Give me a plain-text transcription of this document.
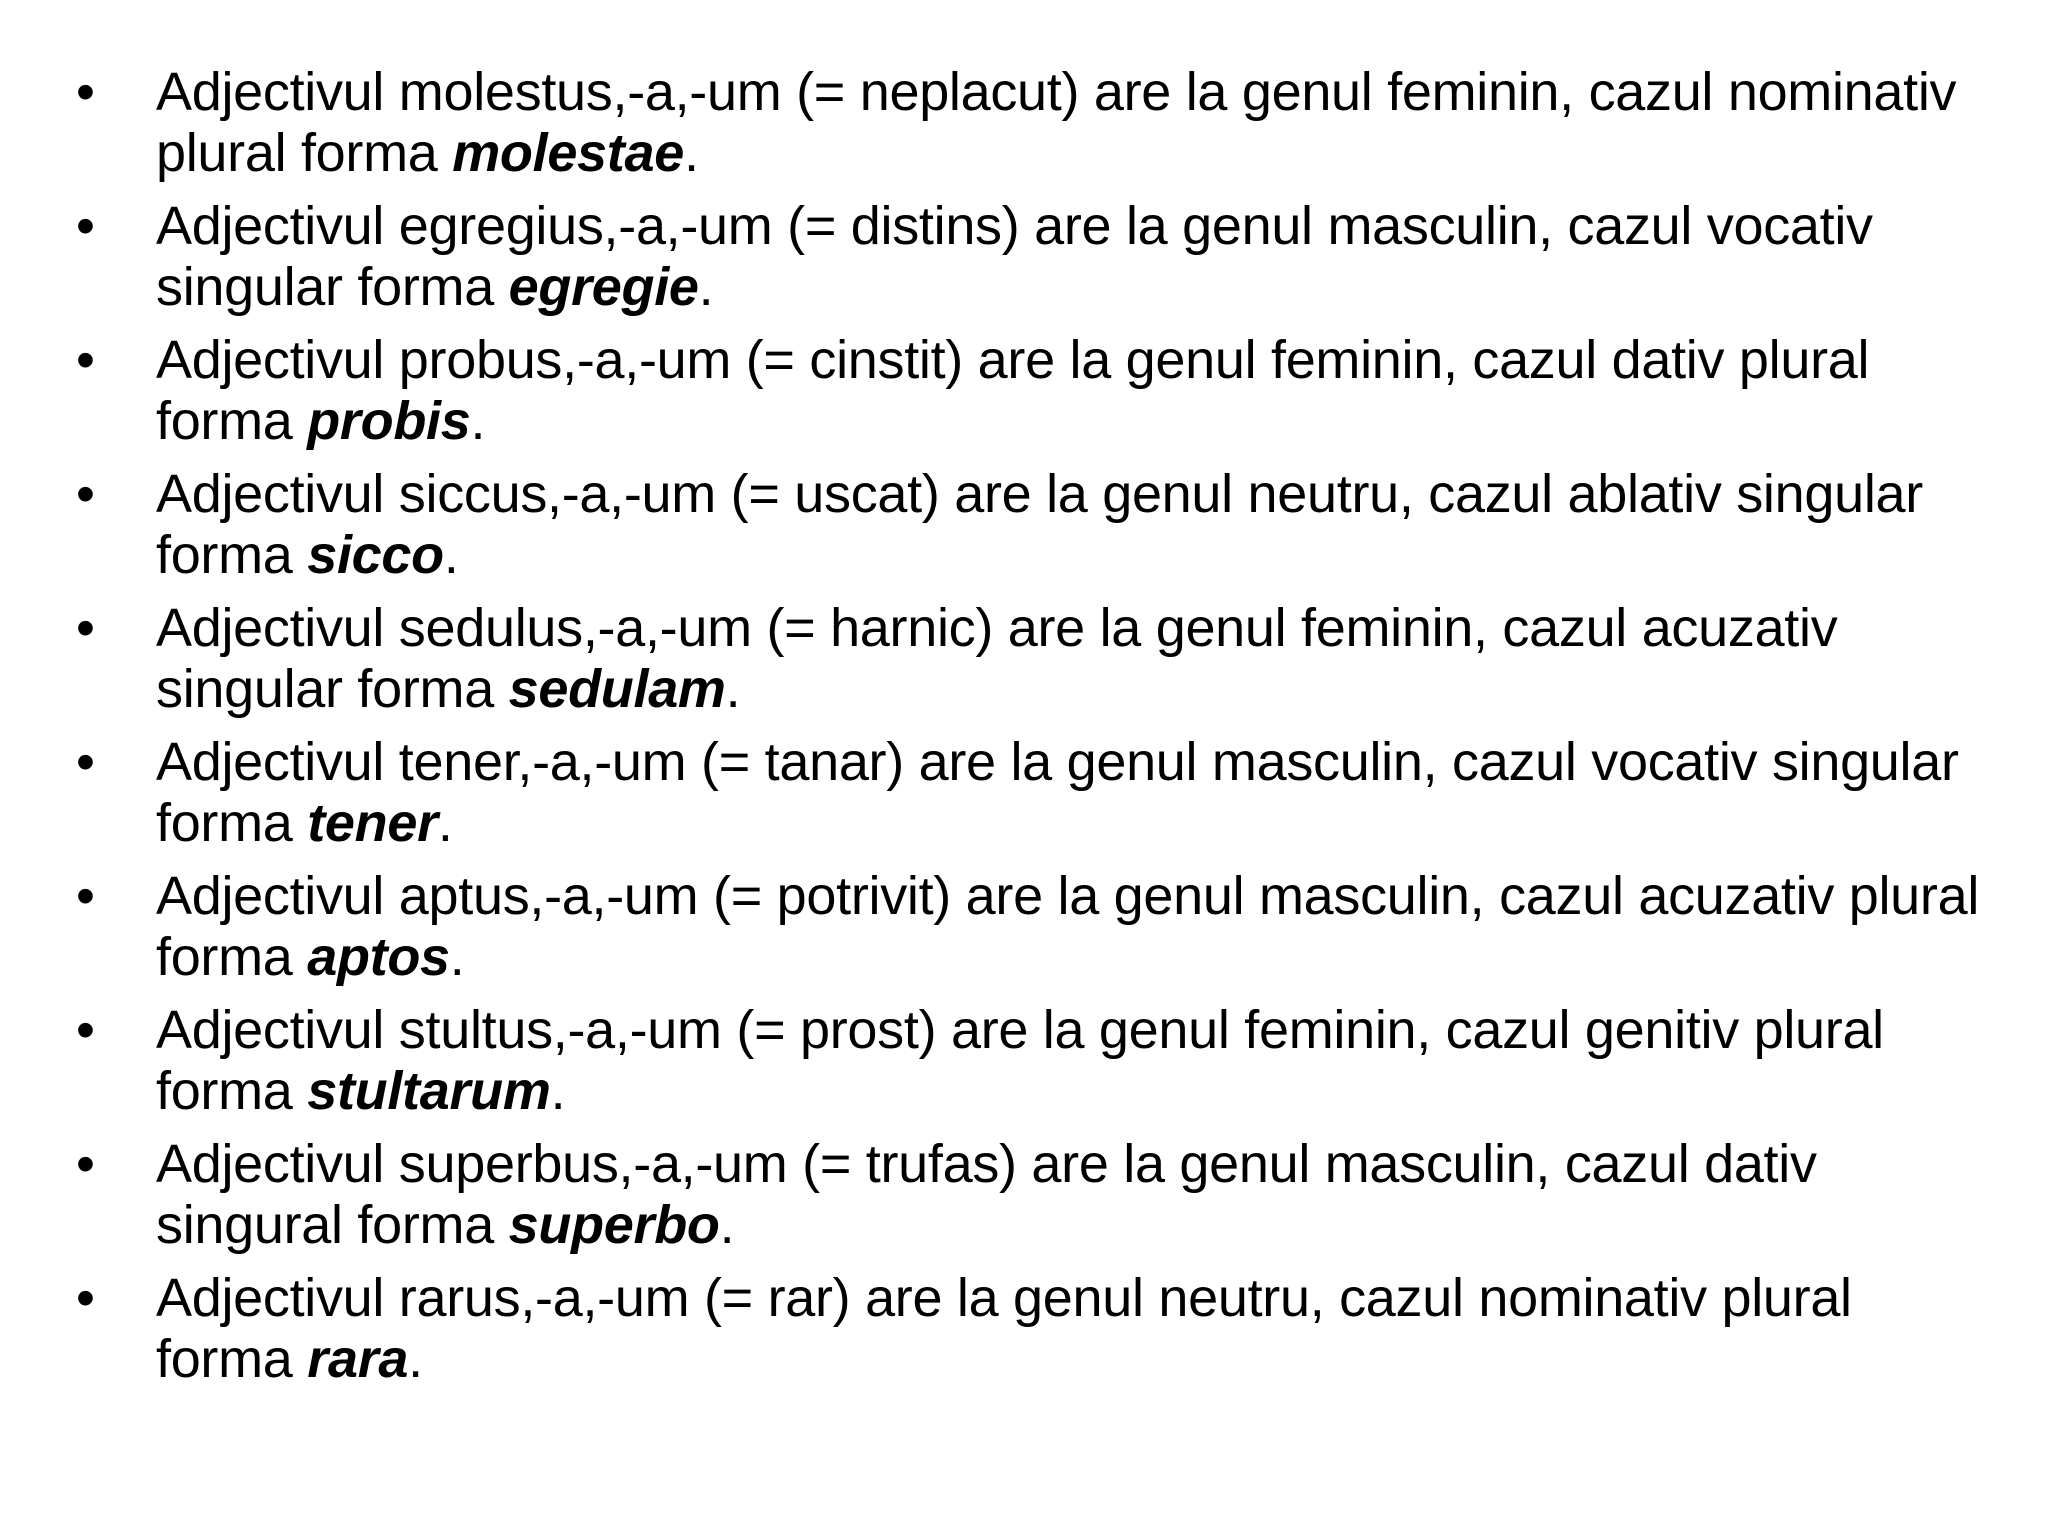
•	Adjectivul molestus,-a,-um (= neplacut) are la genul feminin, cazul nominativ plural forma molestae.
•	Adjectivul egregius,-a,-um (= distins) are la genul masculin, cazul vocativ singular forma egregie.
•	Adjectivul probus,-a,-um (= cinstit) are la genul feminin, cazul dativ plural forma probis.
•	Adjectivul siccus,-a,-um (= uscat) are la genul neutru, cazul ablativ singular forma sicco.
•	Adjectivul sedulus,-a,-um (= harnic) are la genul feminin, cazul acuzativ singular forma sedulam.
•	Adjectivul tener,-a,-um (= tanar) are la genul masculin, cazul vocativ singular forma tener.
•	Adjectivul aptus,-a,-um (= potrivit) are la genul masculin, cazul acuzativ plural forma aptos.
•	Adjectivul stultus,-a,-um (= prost) are la genul feminin, cazul genitiv plural forma stultarum.
•	Adjectivul superbus,-a,-um (= trufas) are la genul masculin, cazul dativ singural forma superbo.
•	Adjectivul rarus,-a,-um (= rar) are la genul neutru, cazul nominativ plural forma rara.
